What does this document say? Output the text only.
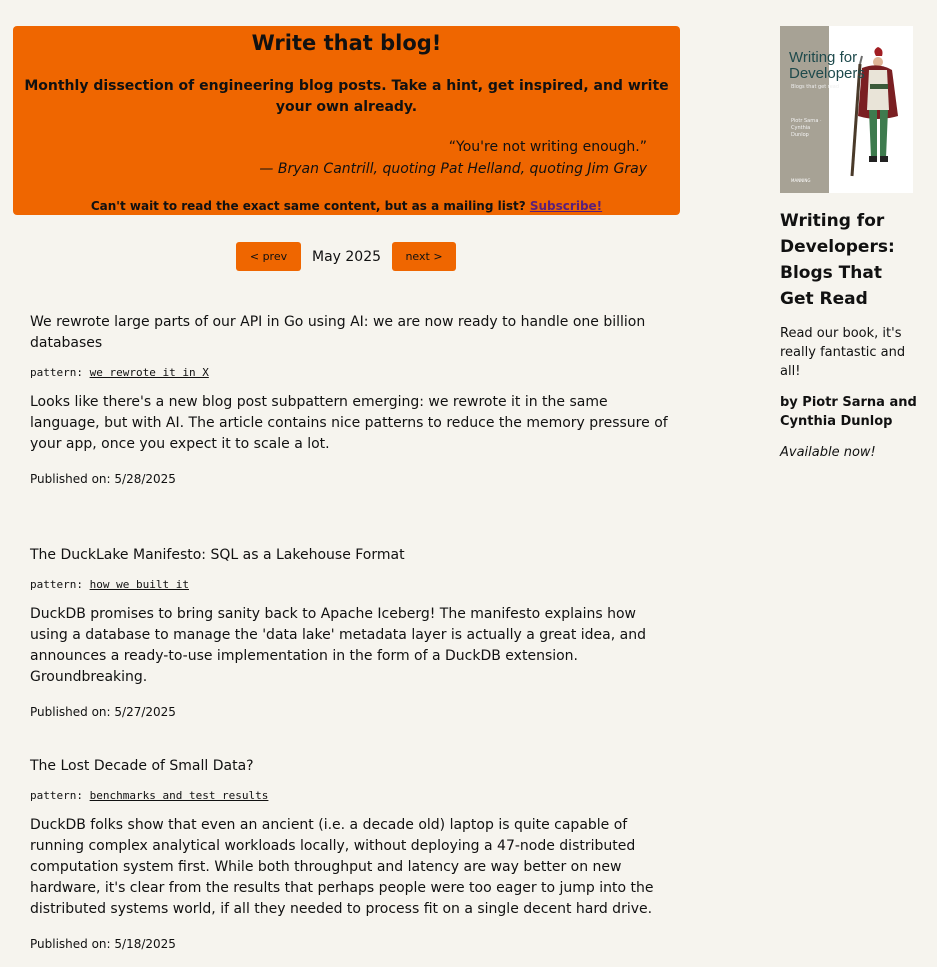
Write that blog!
Monthly dissection of engineering blog posts. Take a hint, get inspired, and write your own already.
“You're not writing enough.”
— Bryan Cantrill, quoting Pat Helland, quoting Jim Gray
Can't wait to read the exact same content, but as a mailing list? Subscribe!
< prev	May 2025	next >
We rewrote large parts of our API in Go using AI: we are now ready to handle one billion databases
pattern: we rewrote it in X
Looks like there's a new blog post subpattern emerging: we rewrote it in the same language, but with AI. The article contains nice patterns to reduce the memory pressure of your app, once you expect it to scale a lot.
Published on: 5/28/2025
The DuckLake Manifesto: SQL as a Lakehouse Format
pattern: how we built it
DuckDB promises to bring sanity back to Apache Iceberg! The manifesto explains how using a database to manage the 'data lake' metadata layer is actually a great idea, and announces a ready-to-use implementation in the form of a DuckDB extension. Groundbreaking.
Published on: 5/27/2025
The Lost Decade of Small Data?
pattern: benchmarks and test results
DuckDB folks show that even an ancient (i.e. a decade old) laptop is quite capable of running complex analytical workloads locally, without deploying a 47-node distributed computation system first. While both throughput and latency are way better on new hardware, it's clear from the results that perhaps people were too eager to jump into the distributed systems world, if all they needed to process fit on a single decent hard drive.
Published on: 5/18/2025
Writing for Developers
Blogs that get read
Piotr Sarna · Cynthia Dunlop
MANNING
Writing for Developers: Blogs That Get Read
Read our book, it's really fantastic and all!
by Piotr Sarna and Cynthia Dunlop
Available now!
